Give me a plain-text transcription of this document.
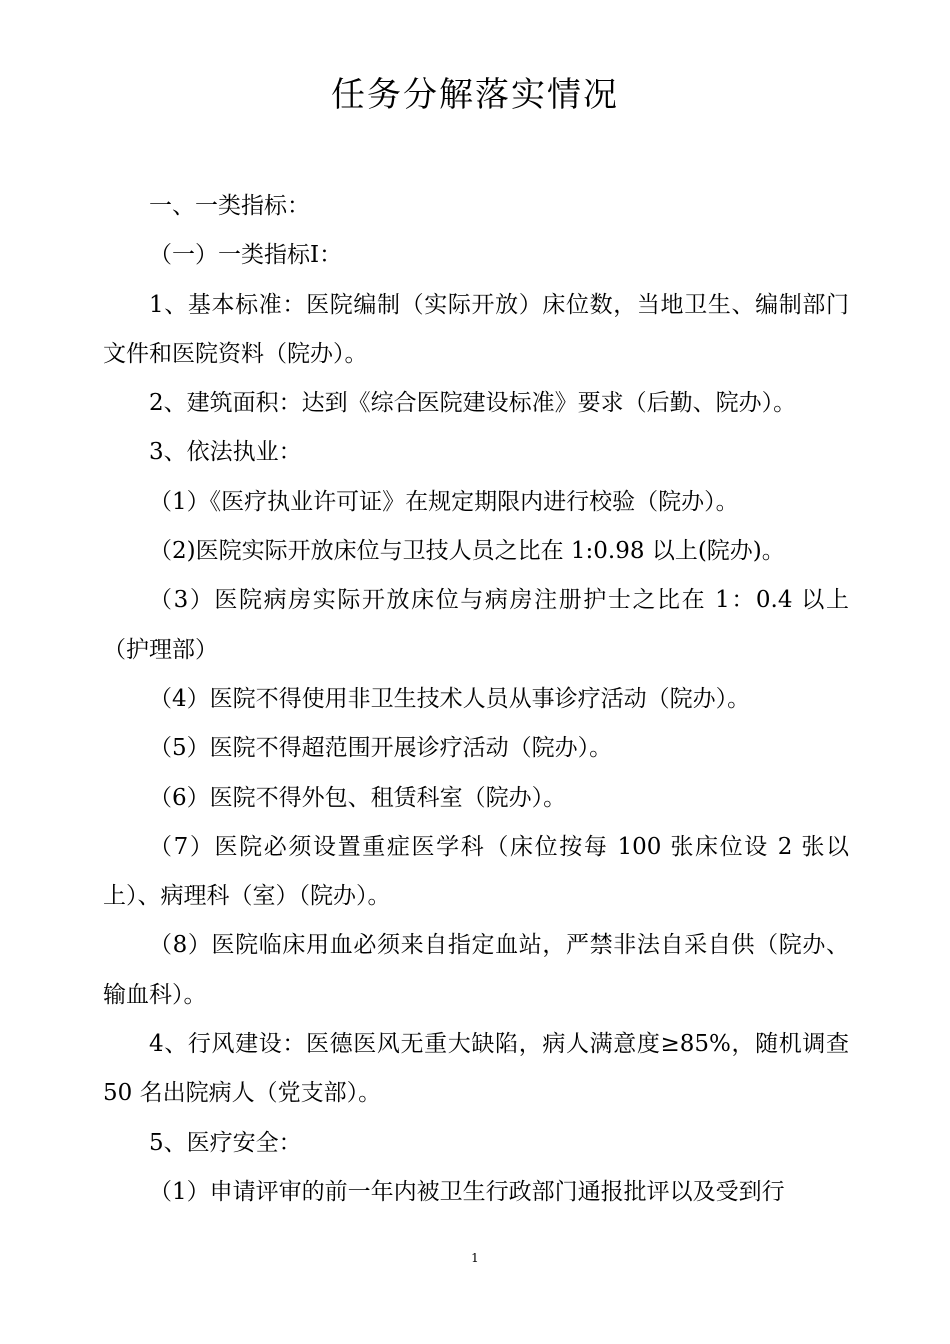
任务分解落实情况

一、一类指标：

（一）一类指标Ⅰ：

1、基本标准：医院编制（实际开放）床位数，当地卫生、编制部门文件和医院资料（院办）。

2、建筑面积：达到《综合医院建设标准》要求（后勤、院办）。

3、依法执业：

（1）《医疗执业许可证》在规定期限内进行校验（院办）。

（2)医院实际开放床位与卫技人员之比在 1:0.98 以上(院办)。

（3）医院病房实际开放床位与病房注册护士之比在 1：0.4 以上（护理部）

（4）医院不得使用非卫生技术人员从事诊疗活动（院办）。

（5）医院不得超范围开展诊疗活动（院办）。

（6）医院不得外包、租赁科室（院办）。

（7）医院必须设置重症医学科（床位按每 100 张床位设 2 张以上）、病理科（室）（院办）。

（8）医院临床用血必须来自指定血站，严禁非法自采自供（院办、输血科）。

4、行风建设：医德医风无重大缺陷，病人满意度≥85%，随机调查 50 名出院病人（党支部）。

5、医疗安全：

（1）申请评审的前一年内被卫生行政部门通报批评以及受到行

1
